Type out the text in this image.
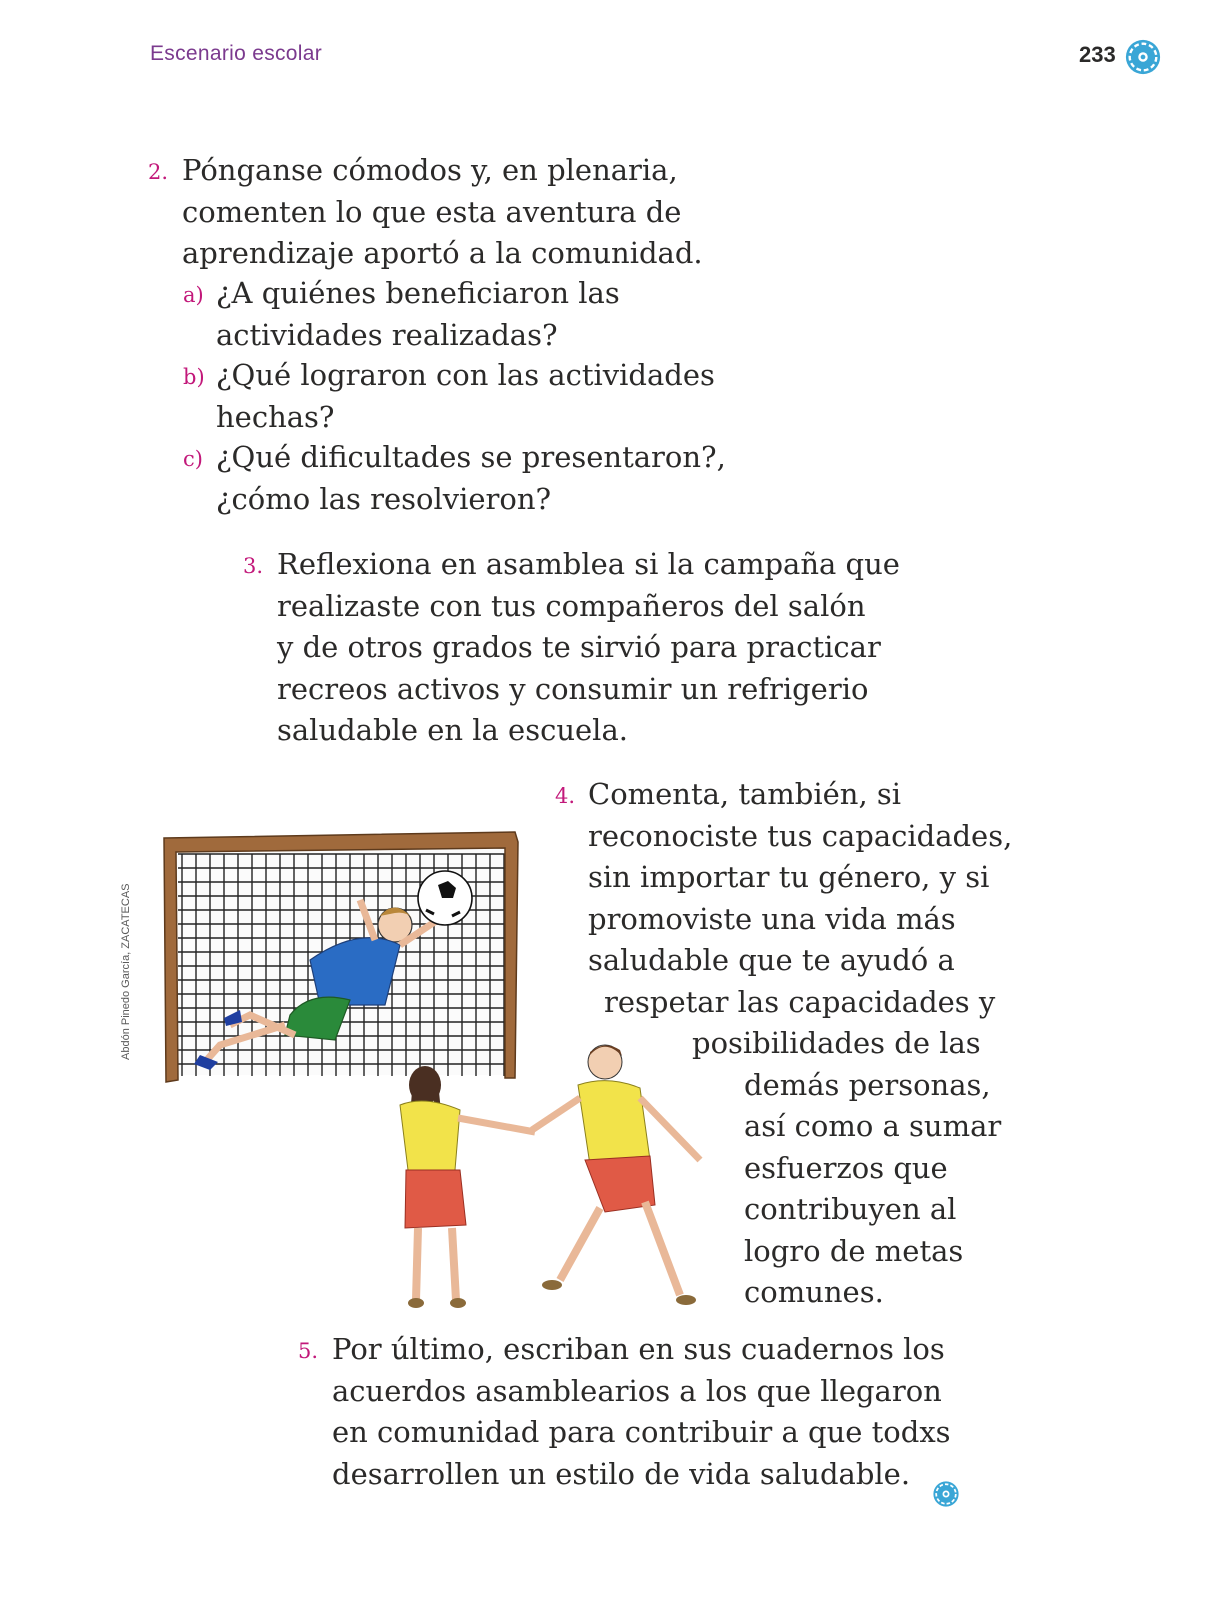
Escenario escolar	233
2. Pónganse cómodos y, en plenaria,
comenten lo que esta aventura de
aprendizaje aportó a la comunidad.
a) ¿A quiénes beneficiaron las
actividades realizadas?
b) ¿Qué lograron con las actividades
hechas?
c) ¿Qué dificultades se presentaron?,
¿cómo las resolvieron?
3. Reflexiona en asamblea si la campaña que
realizaste con tus compañeros del salón
y de otros grados te sirvió para practicar
recreos activos y consumir un refrigerio
saludable en la escuela.
Abdón Pinedo García, ZACATECAS
4. Comenta, también, si
reconociste tus capacidades,
sin importar tu género, y si
promoviste una vida más
saludable que te ayudó a
respetar las capacidades y
posibilidades de las
demás personas,
así como a sumar
esfuerzos que
contribuyen al
logro de metas
comunes.
5. Por último, escriban en sus cuadernos los
acuerdos asamblearios a los que llegaron
en comunidad para contribuir a que todxs
desarrollen un estilo de vida saludable.
